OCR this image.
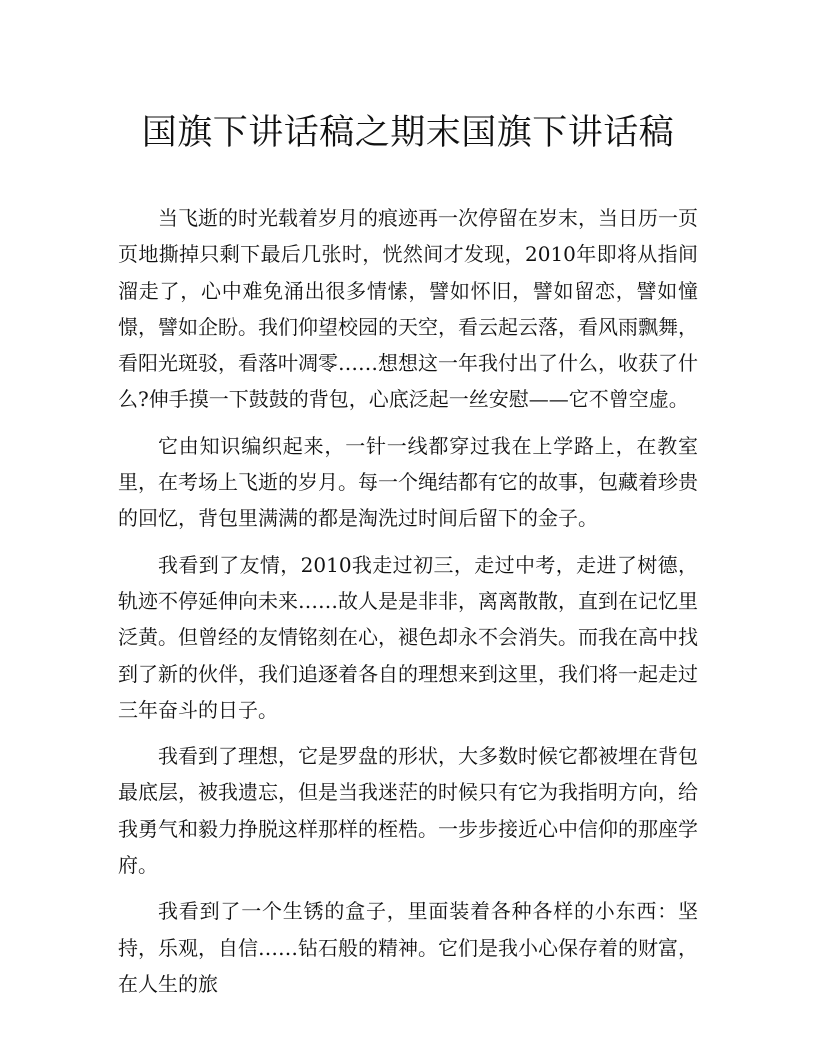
国旗下讲话稿之期末国旗下讲话稿

当飞逝的时光载着岁月的痕迹再一次停留在岁末，当日历一页页地撕掉只剩下最后几张时，恍然间才发现，2010年即将从指间溜走了，心中难免涌出很多情愫，譬如怀旧，譬如留恋，譬如憧憬，譬如企盼。我们仰望校园的天空，看云起云落，看风雨飘舞，看阳光斑驳，看落叶凋零……想想这一年我付出了什么，收获了什么?伸手摸一下鼓鼓的背包，心底泛起一丝安慰——它不曾空虚。

它由知识编织起来，一针一线都穿过我在上学路上，在教室里，在考场上飞逝的岁月。每一个绳结都有它的故事，包藏着珍贵的回忆，背包里满满的都是淘洗过时间后留下的金子。

我看到了友情，2010我走过初三，走过中考，走进了树德，轨迹不停延伸向未来……故人是是非非，离离散散，直到在记忆里泛黄。但曾经的友情铭刻在心，褪色却永不会消失。而我在高中找到了新的伙伴，我们追逐着各自的理想来到这里，我们将一起走过三年奋斗的日子。

我看到了理想，它是罗盘的形状，大多数时候它都被埋在背包最底层，被我遗忘，但是当我迷茫的时候只有它为我指明方向，给我勇气和毅力挣脱这样那样的桎梏。一步步接近心中信仰的那座学府。

我看到了一个生锈的盒子，里面装着各种各样的小东西：坚持，乐观，自信……钻石般的精神。它们是我小心保存着的财富，在人生的旅
